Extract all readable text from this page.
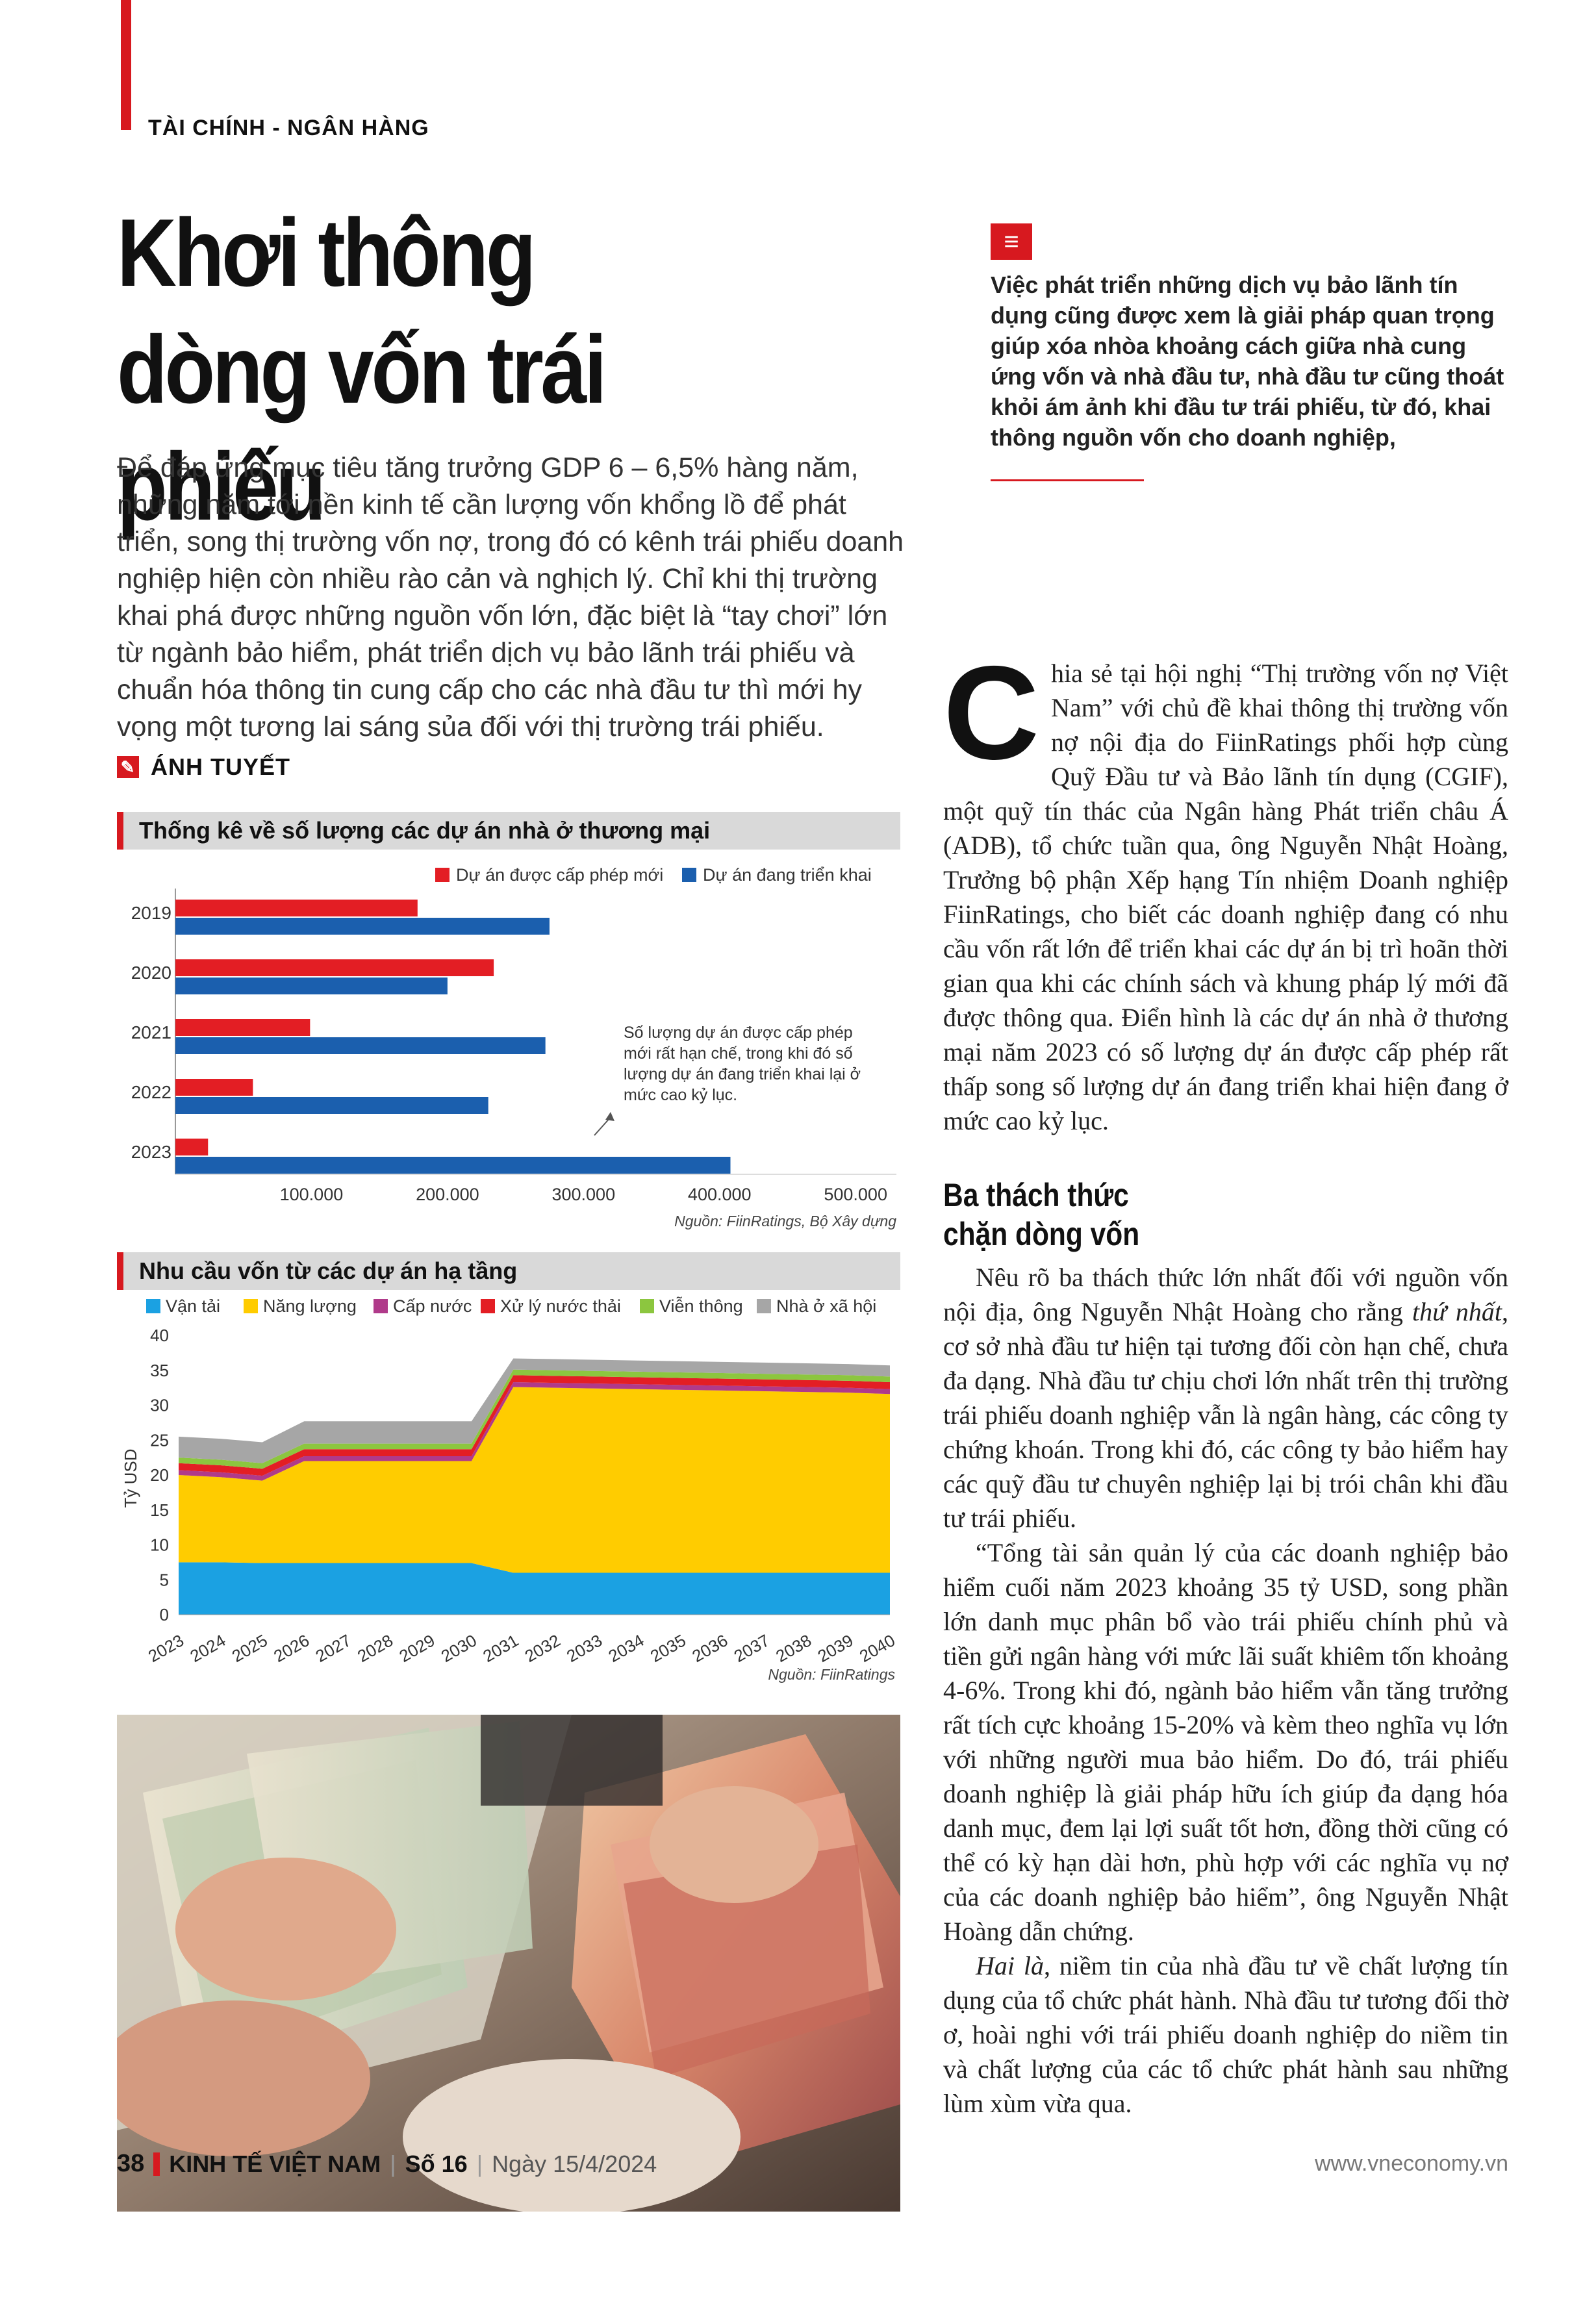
TÀI CHÍNH - NGÂN HÀNG
Khơi thông
dòng vốn trái phiếu
Để đáp ứng mục tiêu tăng trưởng GDP 6 – 6,5% hàng năm, những năm tới nền kinh tế cần lượng vốn khổng lồ để phát triển, song thị trường vốn nợ, trong đó có kênh trái phiếu doanh nghiệp hiện còn nhiều rào cản và nghịch lý. Chỉ khi thị trường khai phá được những nguồn vốn lớn, đặc biệt là “tay chơi” lớn từ ngành bảo hiểm, phát triển dịch vụ bảo lãnh trái phiếu và chuẩn hóa thông tin cung cấp cho các nhà đầu tư thì mới hy vọng một tương lai sáng sủa đối với thị trường trái phiếu.
✎ ÁNH TUYẾT
Thống kê về số lượng các dự án nhà ở thương mại
Dự án được cấp phép mới Dự án đang triển khai
2019
2020
2021
2022
2023
100.000	200.000	300.000	400.000	500.000
Số lượng dự án được cấp phép mới rất hạn chế, trong khi đó số lượng dự án đang triển khai lại ở mức cao kỷ lục.
Nguồn: FiinRatings, Bộ Xây dựng
Nhu cầu vốn từ các dự án hạ tầng
Vận tải Năng lượng Cấp nước Xử lý nước thải Viễn thông Nhà ở xã hội
0
5
10
15
20
25
30
35
40
Tỷ USD
2023 2024 2025 2026 2027 2028 2029 2030 2031 2032 2033 2034 2035 2036 2037 2038 2039 2040
Nguồn: FiinRatings
≡
Việc phát triển những dịch vụ bảo lãnh tín dụng cũng được xem là giải pháp quan trọng giúp xóa nhòa khoảng cách giữa nhà cung ứng vốn và nhà đầu tư, nhà đầu tư cũng thoát khỏi ám ảnh khi đầu tư trái phiếu, từ đó, khai thông nguồn vốn cho doanh nghiệp,
C hia sẻ tại hội nghị “Thị trường vốn nợ Việt Nam” với chủ đề khai thông thị trường vốn nợ nội địa do FiinRatings phối hợp cùng Quỹ Đầu tư và Bảo lãnh tín dụng (CGIF), một quỹ tín thác của Ngân hàng Phát triển châu Á (ADB), tổ chức tuần qua, ông Nguyễn Nhật Hoàng, Trưởng bộ phận Xếp hạng Tín nhiệm Doanh nghiệp FiinRatings, cho biết các doanh nghiệp đang có nhu cầu vốn rất lớn để triển khai các dự án bị trì hoãn thời gian qua khi các chính sách và khung pháp lý mới đã được thông qua. Điển hình là các dự án nhà ở thương mại năm 2023 có số lượng dự án được cấp phép rất thấp song số lượng dự án đang triển khai hiện đang ở mức cao kỷ lục.

Ba thách thức
chặn dòng vốn

Nêu rõ ba thách thức lớn nhất đối với nguồn vốn nội địa, ông Nguyễn Nhật Hoàng cho rằng thứ nhất, cơ sở nhà đầu tư hiện tại tương đối còn hạn chế, chưa đa dạng. Nhà đầu tư chịu chơi lớn nhất trên thị trường trái phiếu doanh nghiệp vẫn là ngân hàng, các công ty chứng khoán. Trong khi đó, các công ty bảo hiểm hay các quỹ đầu tư chuyên nghiệp lại bị trói chân khi đầu tư trái phiếu.

“Tổng tài sản quản lý của các doanh nghiệp bảo hiểm cuối năm 2023 khoảng 35 tỷ USD, song phần lớn danh mục phân bổ vào trái phiếu chính phủ và tiền gửi ngân hàng với mức lãi suất khiêm tốn khoảng 4-6%. Trong khi đó, ngành bảo hiểm vẫn tăng trưởng rất tích cực khoảng 15-20% và kèm theo nghĩa vụ lớn với những người mua bảo hiểm. Do đó, trái phiếu doanh nghiệp là giải pháp hữu ích giúp đa dạng hóa danh mục, đem lại lợi suất tốt hơn, đồng thời cũng có thể có kỳ hạn dài hơn, phù hợp với các nghĩa vụ nợ của các doanh nghiệp bảo hiểm”, ông Nguyễn Nhật Hoàng dẫn chứng.

Hai là, niềm tin của nhà đầu tư về chất lượng tín dụng của tổ chức phát hành. Nhà đầu tư tương đối thờ ơ, hoài nghi với trái phiếu doanh nghiệp do niềm tin và chất lượng của các tổ chức phát hành sau những lùm xùm vừa qua.

38 KINH TẾ VIỆT NAM | Số 16 | Ngày 15/4/2024	www.vneconomy.vn
